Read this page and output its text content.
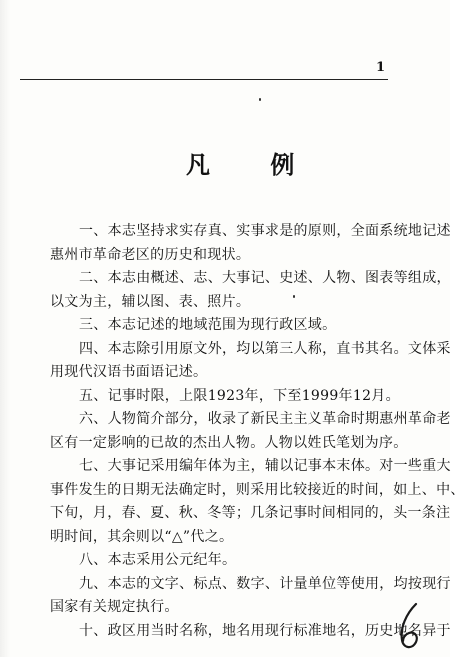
1
凡 例
一、本志坚持求实存真、实事求是的原则，全面系统地记述
惠州市革命老区的历史和现状。
二、本志由概述、志、大事记、史述、人物、图表等组成，
以文为主，辅以图、表、照片。
三、本志记述的地域范围为现行政区域。
四、本志除引用原文外，均以第三人称，直书其名。文体采
用现代汉语书面语记述。
五、记事时限，上限1923年，下至1999年12月。
六、人物简介部分，收录了新民主主义革命时期惠州革命老
区有一定影响的已故的杰出人物。人物以姓氏笔划为序。
七、大事记采用编年体为主，辅以记事本末体。对一些重大
事件发生的日期无法确定时，则采用比较接近的时间，如上、中、
下旬，月，春、夏、秋、冬等；几条记事时间相同的，头一条注
明时间，其余则以“△”代之。
八、本志采用公元纪年。
九、本志的文字、标点、数字、计量单位等使用，均按现行
国家有关规定执行。
十、政区用当时名称，地名用现行标准地名，历史地名异于
